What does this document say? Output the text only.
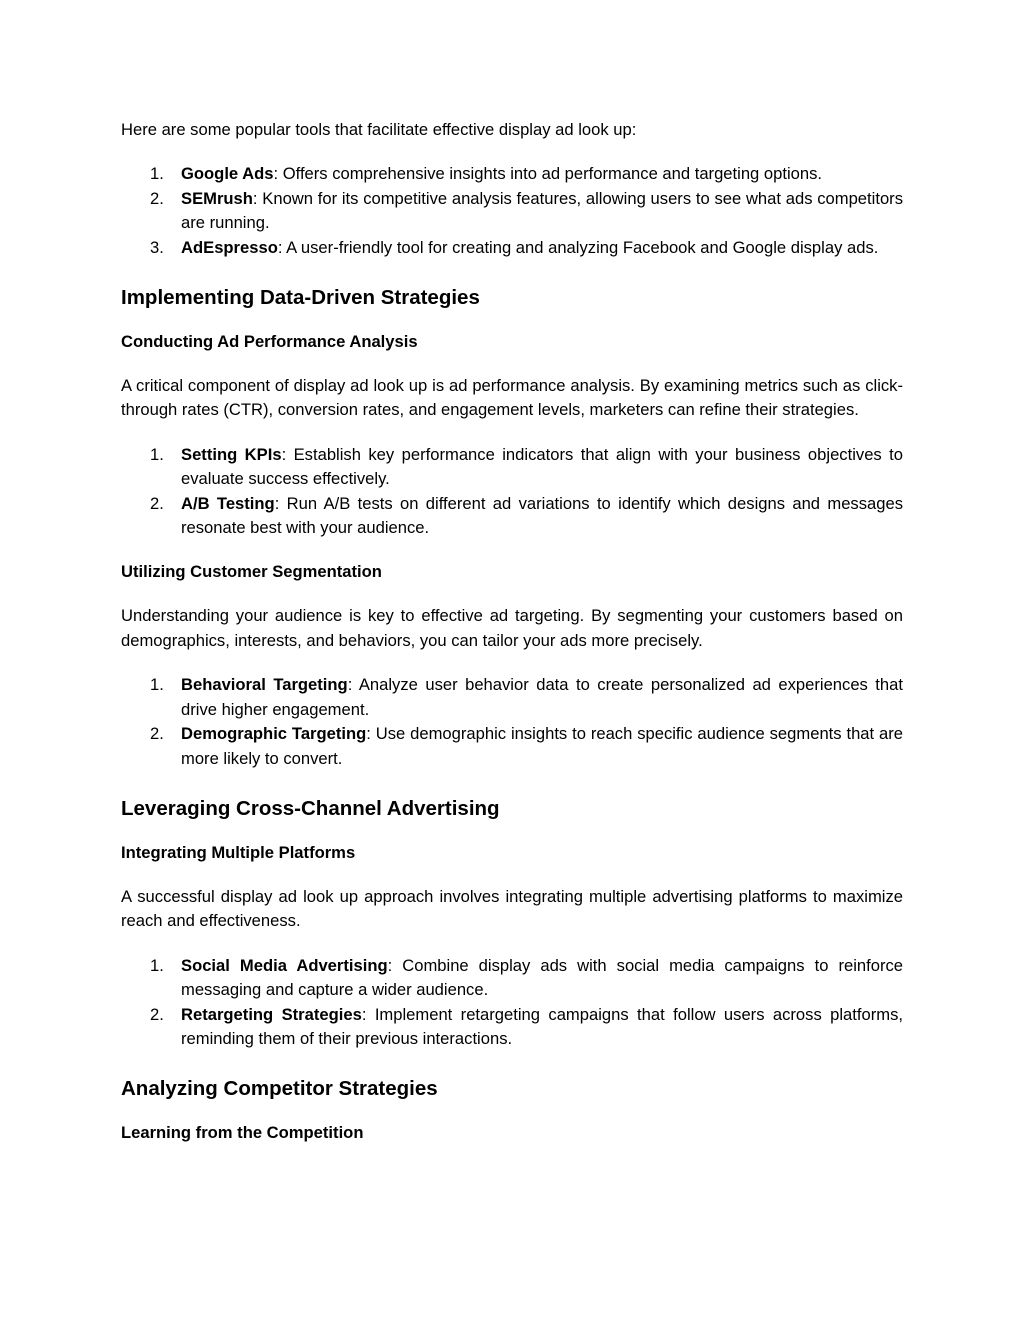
Here are some popular tools that facilitate effective display ad look up:

1. Google Ads: Offers comprehensive insights into ad performance and targeting options.
2. SEMrush: Known for its competitive analysis features, allowing users to see what ads competitors are running.
3. AdEspresso: A user-friendly tool for creating and analyzing Facebook and Google display ads.
Implementing Data-Driven Strategies
Conducting Ad Performance Analysis

A critical component of display ad look up is ad performance analysis. By examining metrics such as click-through rates (CTR), conversion rates, and engagement levels, marketers can refine their strategies.

1. Setting KPIs: Establish key performance indicators that align with your business objectives to evaluate success effectively.
2. A/B Testing: Run A/B tests on different ad variations to identify which designs and messages resonate best with your audience.
Utilizing Customer Segmentation

Understanding your audience is key to effective ad targeting. By segmenting your customers based on demographics, interests, and behaviors, you can tailor your ads more precisely.

1. Behavioral Targeting: Analyze user behavior data to create personalized ad experiences that drive higher engagement.
2. Demographic Targeting: Use demographic insights to reach specific audience segments that are more likely to convert.
Leveraging Cross-Channel Advertising
Integrating Multiple Platforms

A successful display ad look up approach involves integrating multiple advertising platforms to maximize reach and effectiveness.

1. Social Media Advertising: Combine display ads with social media campaigns to reinforce messaging and capture a wider audience.
2. Retargeting Strategies: Implement retargeting campaigns that follow users across platforms, reminding them of their previous interactions.
Analyzing Competitor Strategies
Learning from the Competition
